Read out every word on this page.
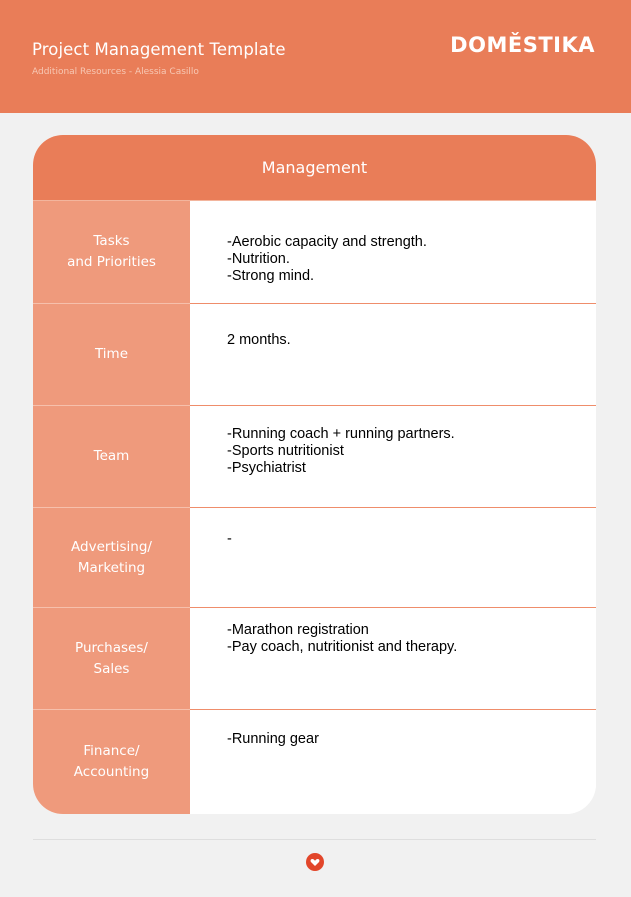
Project Management Template
Additional Resources - Alessia Casillo
DOMĚSTIKA
Management
Tasks
and Priorities
-Aerobic capacity and strength.
-Nutrition.
-Strong mind.
Time
2 months.
Team
-Running coach + running partners.
-Sports nutritionist
-Psychiatrist
Advertising/
Marketing
-
Purchases/
Sales
-Marathon registration
-Pay coach, nutritionist and therapy.
Finance/
Accounting
-Running gear
